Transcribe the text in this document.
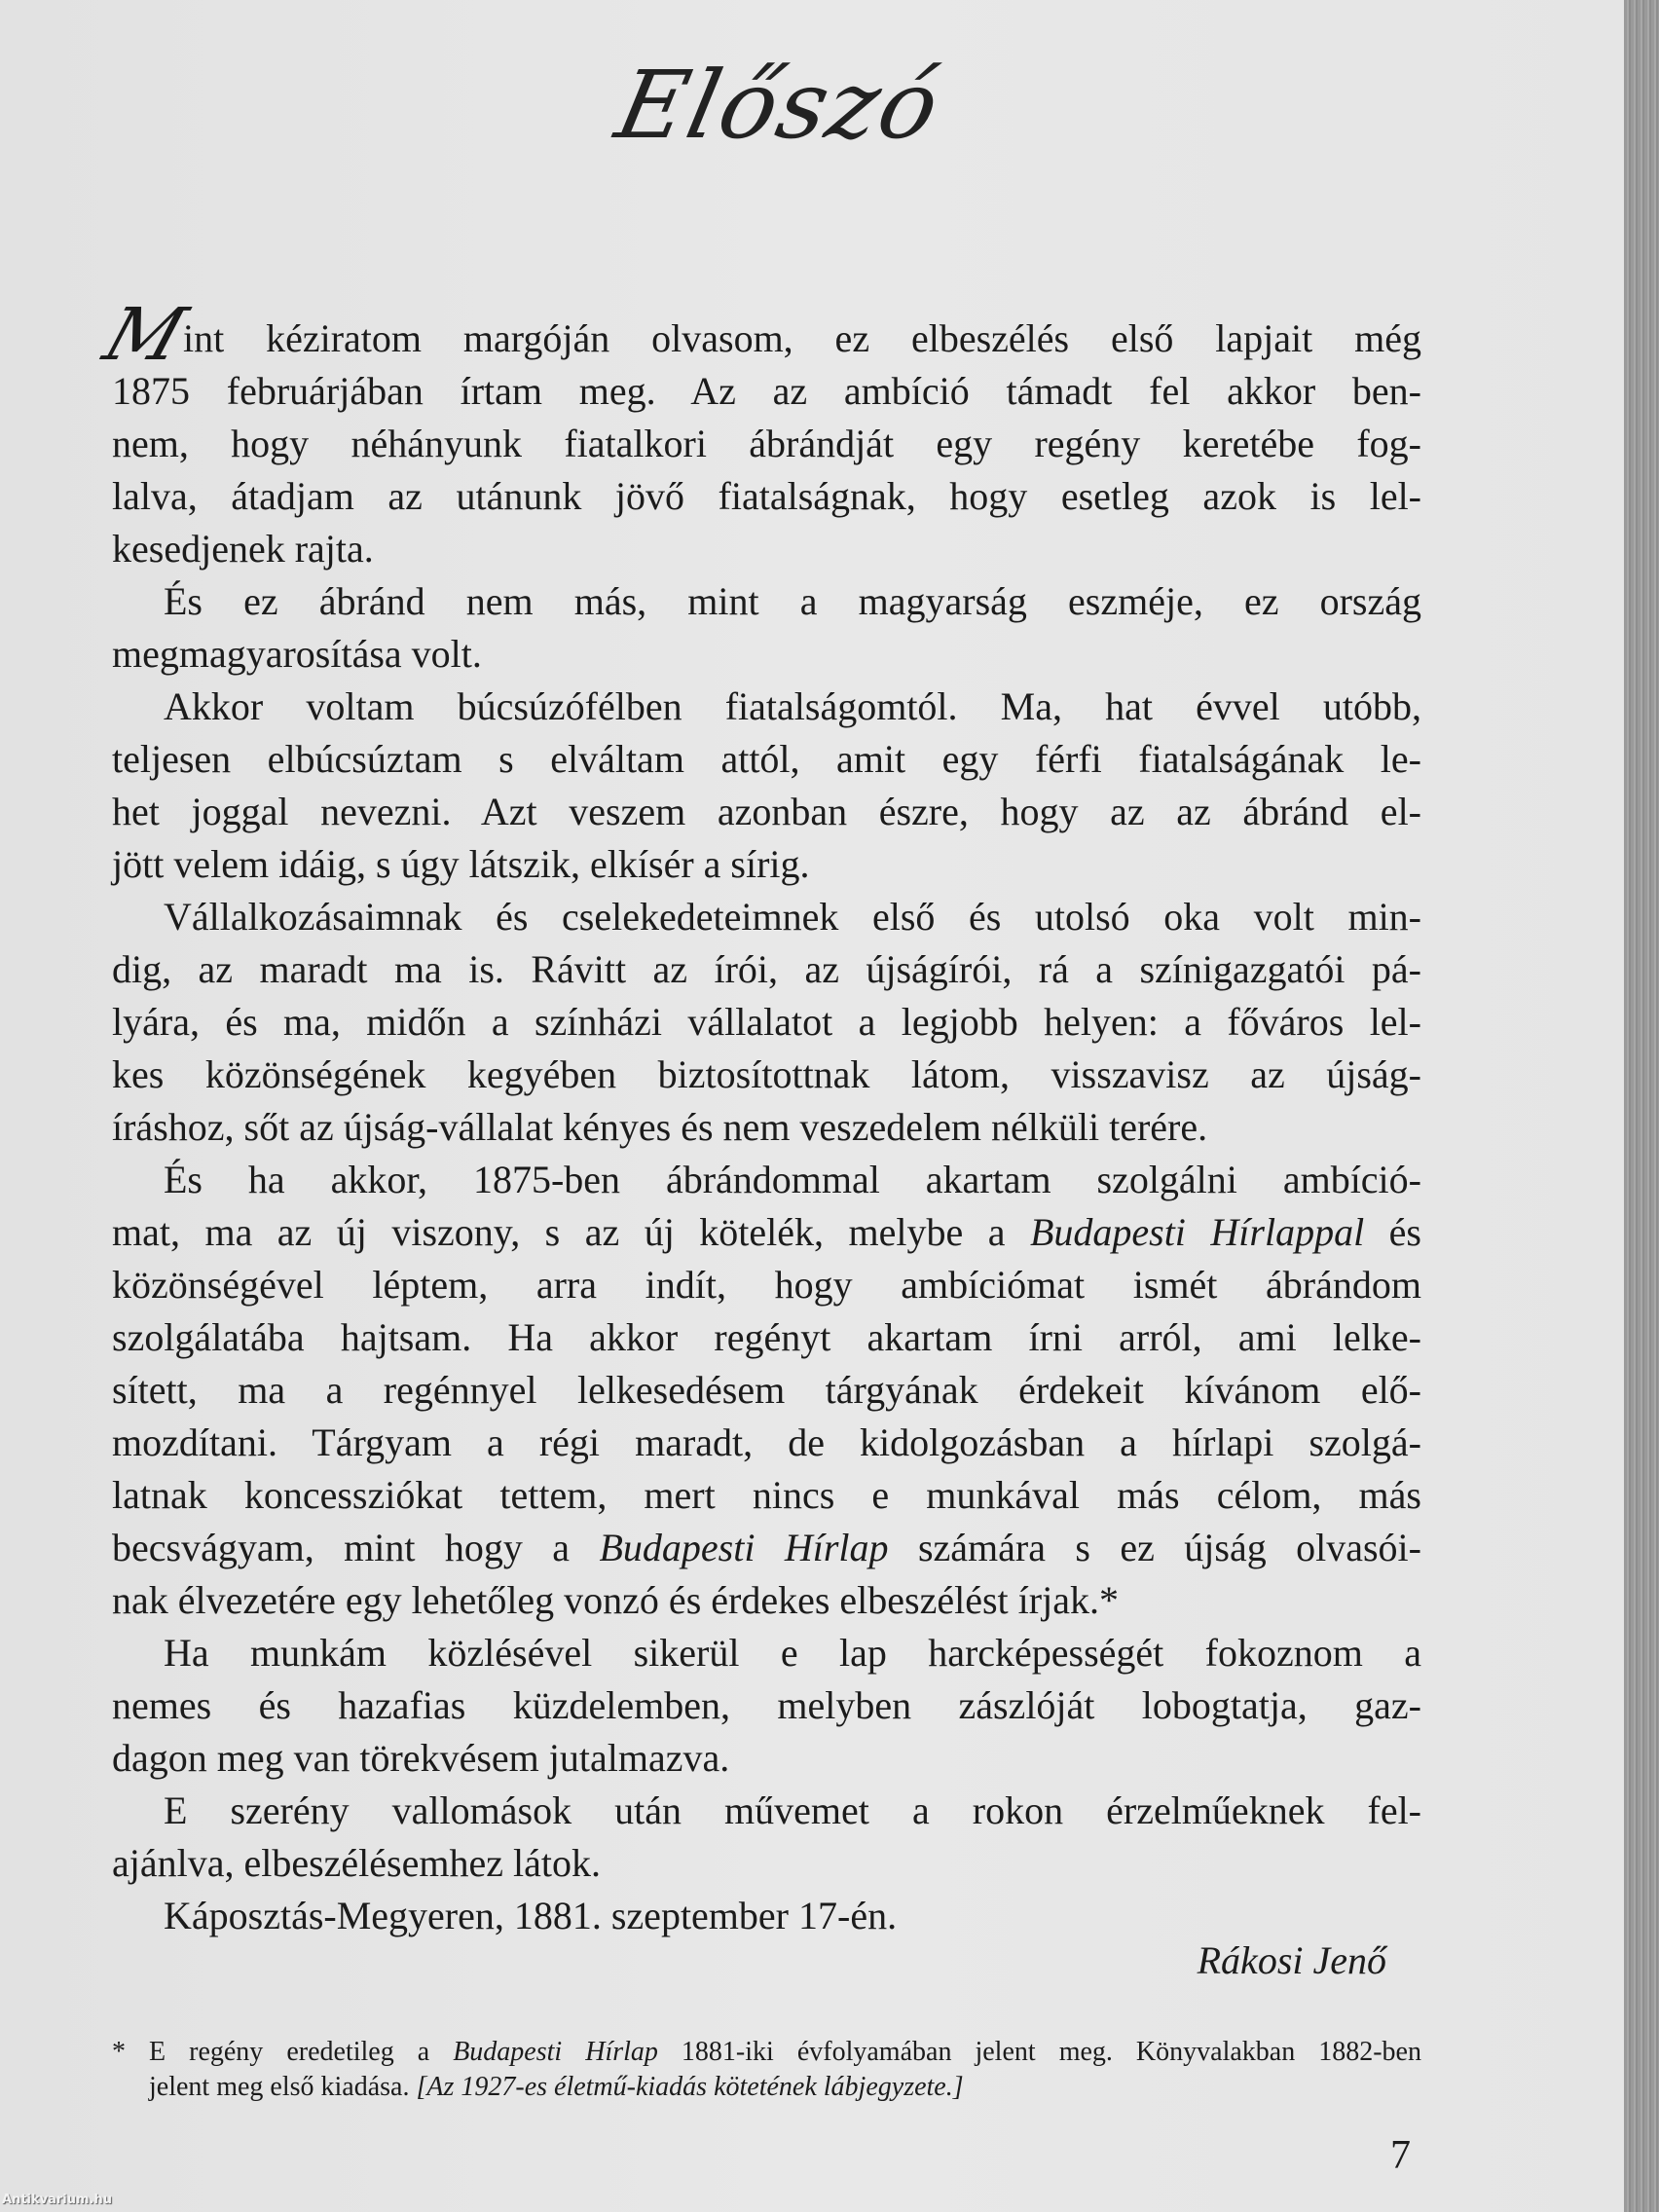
Előszó
M
int kéziratom margóján olvasom, ez elbeszélés első lapjait még
1875 februárjában írtam meg. Az az ambíció támadt fel akkor ben-
nem, hogy néhányunk fiatalkori ábrándját egy regény keretébe fog-
lalva, átadjam az utánunk jövő fiatalságnak, hogy esetleg azok is lel-
kesedjenek rajta.
És ez ábránd nem más, mint a magyarság eszméje, ez ország
megmagyarosítása volt.
Akkor voltam búcsúzófélben fiatalságomtól. Ma, hat évvel utóbb,
teljesen elbúcsúztam s elváltam attól, amit egy férfi fiatalságának le-
het joggal nevezni. Azt veszem azonban észre, hogy az az ábránd el-
jött velem idáig, s úgy látszik, elkísér a sírig.
Vállalkozásaimnak és cselekedeteimnek első és utolsó oka volt min-
dig, az maradt ma is. Rávitt az írói, az újságírói, rá a színigazgatói pá-
lyára, és ma, midőn a színházi vállalatot a legjobb helyen: a főváros lel-
kes közönségének kegyében biztosítottnak látom, visszavisz az újság-
íráshoz, sőt az újság-vállalat kényes és nem veszedelem nélküli terére.
És ha akkor, 1875-ben ábrándommal akartam szolgálni ambíció-
mat, ma az új viszony, s az új kötelék, melybe a Budapesti Hírlappal és
közönségével léptem, arra indít, hogy ambíciómat ismét ábrándom
szolgálatába hajtsam. Ha akkor regényt akartam írni arról, ami lelke-
sített, ma a regénnyel lelkesedésem tárgyának érdekeit kívánom elő-
mozdítani. Tárgyam a régi maradt, de kidolgozásban a hírlapi szolgá-
latnak koncessziókat tettem, mert nincs e munkával más célom, más
becsvágyam, mint hogy a Budapesti Hírlap számára s ez újság olvasói-
nak élvezetére egy lehetőleg vonzó és érdekes elbeszélést írjak.*
Ha munkám közlésével sikerül e lap harcképességét fokoznom a
nemes és hazafias küzdelemben, melyben zászlóját lobogtatja, gaz-
dagon meg van törekvésem jutalmazva.
E szerény vallomások után művemet a rokon érzelműeknek fel-
ajánlva, elbeszélésemhez látok.
Káposztás-Megyeren, 1881. szeptember 17-én.
Rákosi Jenő
* E regény eredetileg a Budapesti Hírlap 1881-iki évfolyamában jelent meg. Könyvalakban 1882-ben
jelent meg első kiadása. [Az 1927-es életmű-kiadás kötetének lábjegyzete.]
7
Antikvarium.hu
